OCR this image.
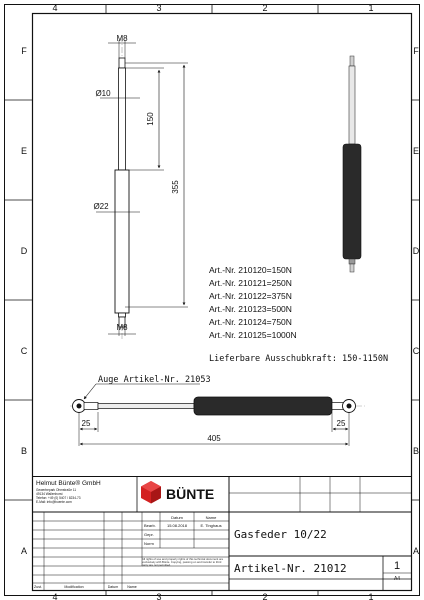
4	3	2	1
4	3	2	1
F
E
D
C
B
A
F
E
D
C
B
A
M8
Ø10
150
Ø22
355
M8
Art.-Nr. 210120=150N
Art.-Nr. 210121=250N
Art.-Nr. 210122=375N
Art.-Nr. 210123=500N
Art.-Nr. 210124=750N
Art.-Nr. 210125=1000N
Lieferbare Ausschubkraft: 150-1150N
Auge Artikel-Nr. 21053
25	25
405
Helmut Bünte® GmbH
Gewerbepark Ohmstraße 11
49134 Wallenhorst
Telefon: +49 (0) 5407 / 8234-73
E-Mail: info@buente.com	BÜNTE
Datum	Name
Bearb.
Gepr.
Norm
15.08.2018	E. Tinghaus
All rights of use and property rights of this technical document are exclusively with Bünte. Copying, passing on and transfer to third party are not permitted.
Gasfeder 10/22
Artikel-Nr. 21012	1
A4
Zust.	Modification	Datum Name
